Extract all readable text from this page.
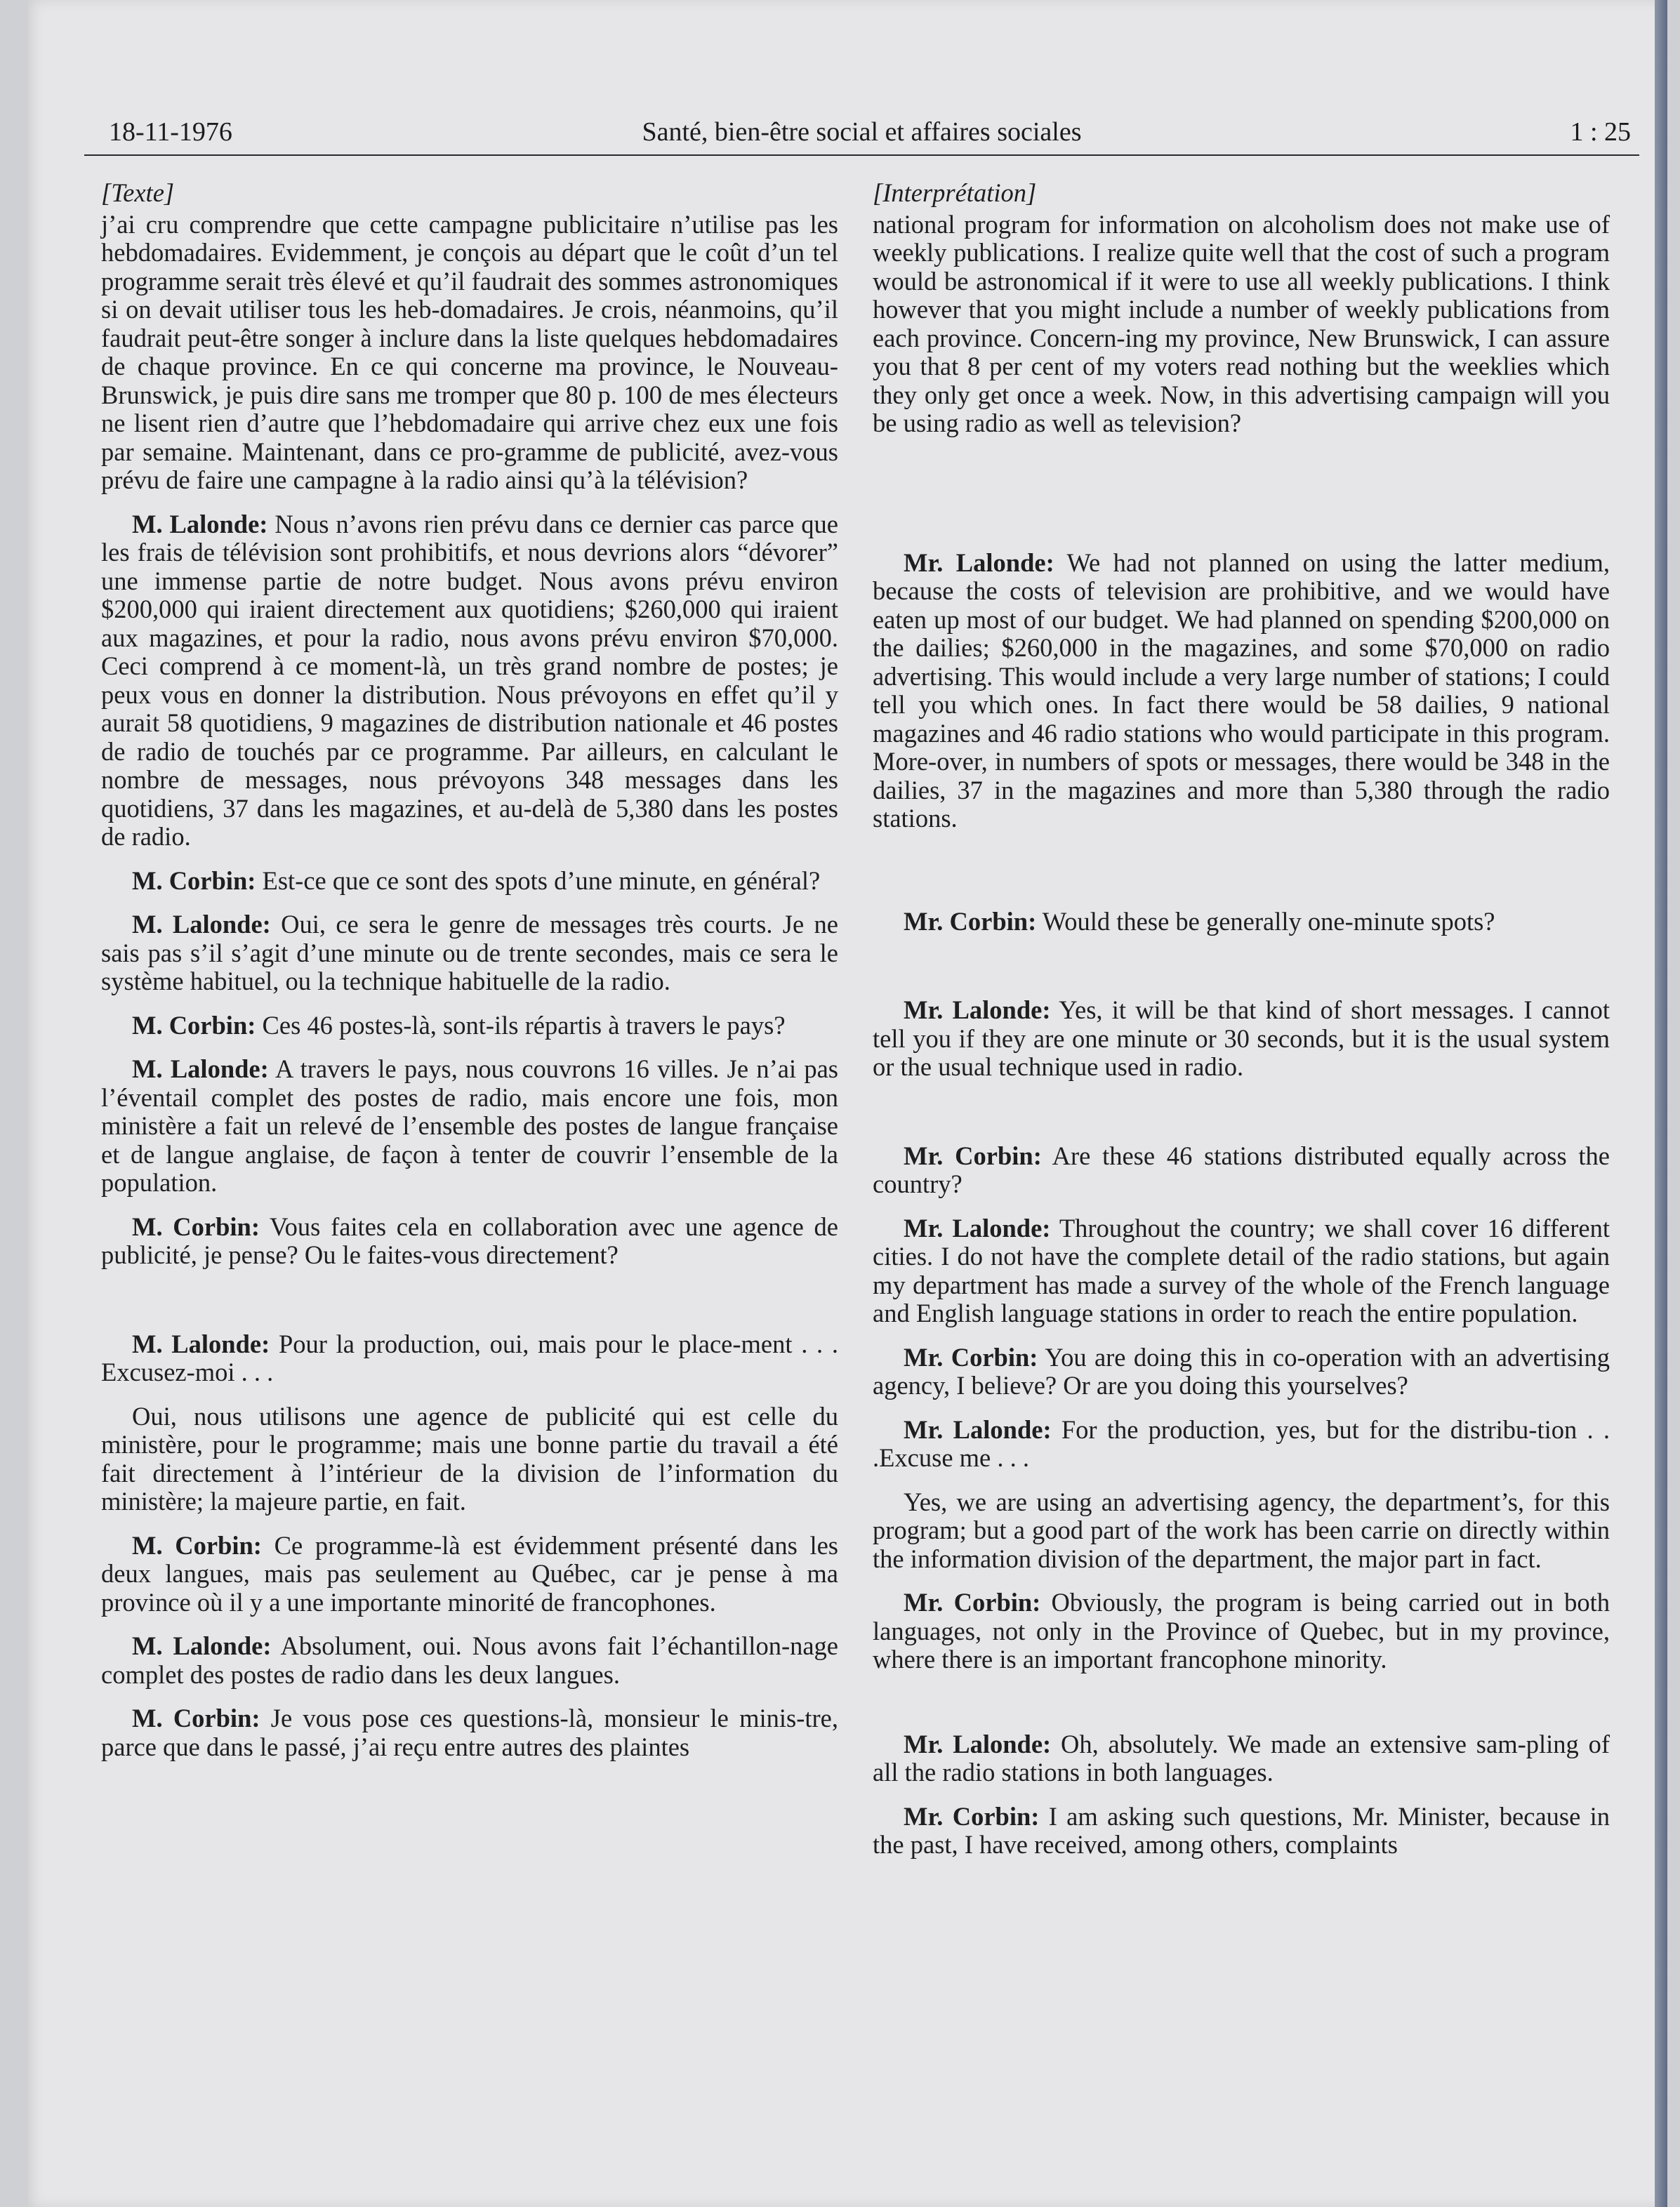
18-11-1976	Santé, bien-être social et affaires sociales	1 : 25

[Texte]

j’ai cru comprendre que cette campagne publicitaire n’utilise pas les hebdomadaires. Evidemment, je conçois au départ que le coût d’un tel programme serait très élevé et qu’il faudrait des sommes astronomiques si on devait utiliser tous les heb-domadaires. Je crois, néanmoins, qu’il faudrait peut-être songer à inclure dans la liste quelques hebdomadaires de chaque province. En ce qui concerne ma province, le Nouveau-Brunswick, je puis dire sans me tromper que 80 p. 100 de mes électeurs ne lisent rien d’autre que l’hebdomadaire qui arrive chez eux une fois par semaine. Maintenant, dans ce pro-gramme de publicité, avez-vous prévu de faire une campagne à la radio ainsi qu’à la télévision?

M. Lalonde: Nous n’avons rien prévu dans ce dernier cas parce que les frais de télévision sont prohibitifs, et nous devrions alors “dévorer” une immense partie de notre budget. Nous avons prévu environ $200,000 qui iraient directement aux quotidiens; $260,000 qui iraient aux magazines, et pour la radio, nous avons prévu environ $70,000. Ceci comprend à ce moment-là, un très grand nombre de postes; je peux vous en donner la distribution. Nous prévoyons en effet qu’il y aurait 58 quotidiens, 9 magazines de distribution nationale et 46 postes de radio de touchés par ce programme. Par ailleurs, en calculant le nombre de messages, nous prévoyons 348 messages dans les quotidiens, 37 dans les magazines, et au-delà de 5,380 dans les postes de radio.

M. Corbin: Est-ce que ce sont des spots d’une minute, en général?

M. Lalonde: Oui, ce sera le genre de messages très courts. Je ne sais pas s’il s’agit d’une minute ou de trente secondes, mais ce sera le système habituel, ou la technique habituelle de la radio.

M. Corbin: Ces 46 postes-là, sont-ils répartis à travers le pays?

M. Lalonde: A travers le pays, nous couvrons 16 villes. Je n’ai pas l’éventail complet des postes de radio, mais encore une fois, mon ministère a fait un relevé de l’ensemble des postes de langue française et de langue anglaise, de façon à tenter de couvrir l’ensemble de la population.

M. Corbin: Vous faites cela en collaboration avec une agence de publicité, je pense? Ou le faites-vous directement?

M. Lalonde: Pour la production, oui, mais pour le place-ment . . . Excusez-moi . . .

Oui, nous utilisons une agence de publicité qui est celle du ministère, pour le programme; mais une bonne partie du travail a été fait directement à l’intérieur de la division de l’information du ministère; la majeure partie, en fait.

M. Corbin: Ce programme-là est évidemment présenté dans les deux langues, mais pas seulement au Québec, car je pense à ma province où il y a une importante minorité de francophones.

M. Lalonde: Absolument, oui. Nous avons fait l’échantillon-nage complet des postes de radio dans les deux langues.

M. Corbin: Je vous pose ces questions-là, monsieur le minis-tre, parce que dans le passé, j’ai reçu entre autres des plaintes

[Interprétation]

national program for information on alcoholism does not make use of weekly publications. I realize quite well that the cost of such a program would be astronomical if it were to use all weekly publications. I think however that you might include a number of weekly publications from each province. Concern-ing my province, New Brunswick, I can assure you that 8 per cent of my voters read nothing but the weeklies which they only get once a week. Now, in this advertising campaign will you be using radio as well as television?

Mr. Lalonde: We had not planned on using the latter medium, because the costs of television are prohibitive, and we would have eaten up most of our budget. We had planned on spending $200,000 on the dailies; $260,000 in the magazines, and some $70,000 on radio advertising. This would include a very large number of stations; I could tell you which ones. In fact there would be 58 dailies, 9 national magazines and 46 radio stations who would participate in this program. More-over, in numbers of spots or messages, there would be 348 in the dailies, 37 in the magazines and more than 5,380 through the radio stations.

Mr. Corbin: Would these be generally one-minute spots?

Mr. Lalonde: Yes, it will be that kind of short messages. I cannot tell you if they are one minute or 30 seconds, but it is the usual system or the usual technique used in radio.

Mr. Corbin: Are these 46 stations distributed equally across the country?

Mr. Lalonde: Throughout the country; we shall cover 16 different cities. I do not have the complete detail of the radio stations, but again my department has made a survey of the whole of the French language and English language stations in order to reach the entire population.

Mr. Corbin: You are doing this in co-operation with an advertising agency, I believe? Or are you doing this yourselves?

Mr. Lalonde: For the production, yes, but for the distribu-tion . . .Excuse me . . .

Yes, we are using an advertising agency, the department’s, for this program; but a good part of the work has been carrie on directly within the information division of the department, the major part in fact.

Mr. Corbin: Obviously, the program is being carried out in both languages, not only in the Province of Quebec, but in my province, where there is an important francophone minority.

Mr. Lalonde: Oh, absolutely. We made an extensive sam-pling of all the radio stations in both languages.

Mr. Corbin: I am asking such questions, Mr. Minister, because in the past, I have received, among others, complaints
